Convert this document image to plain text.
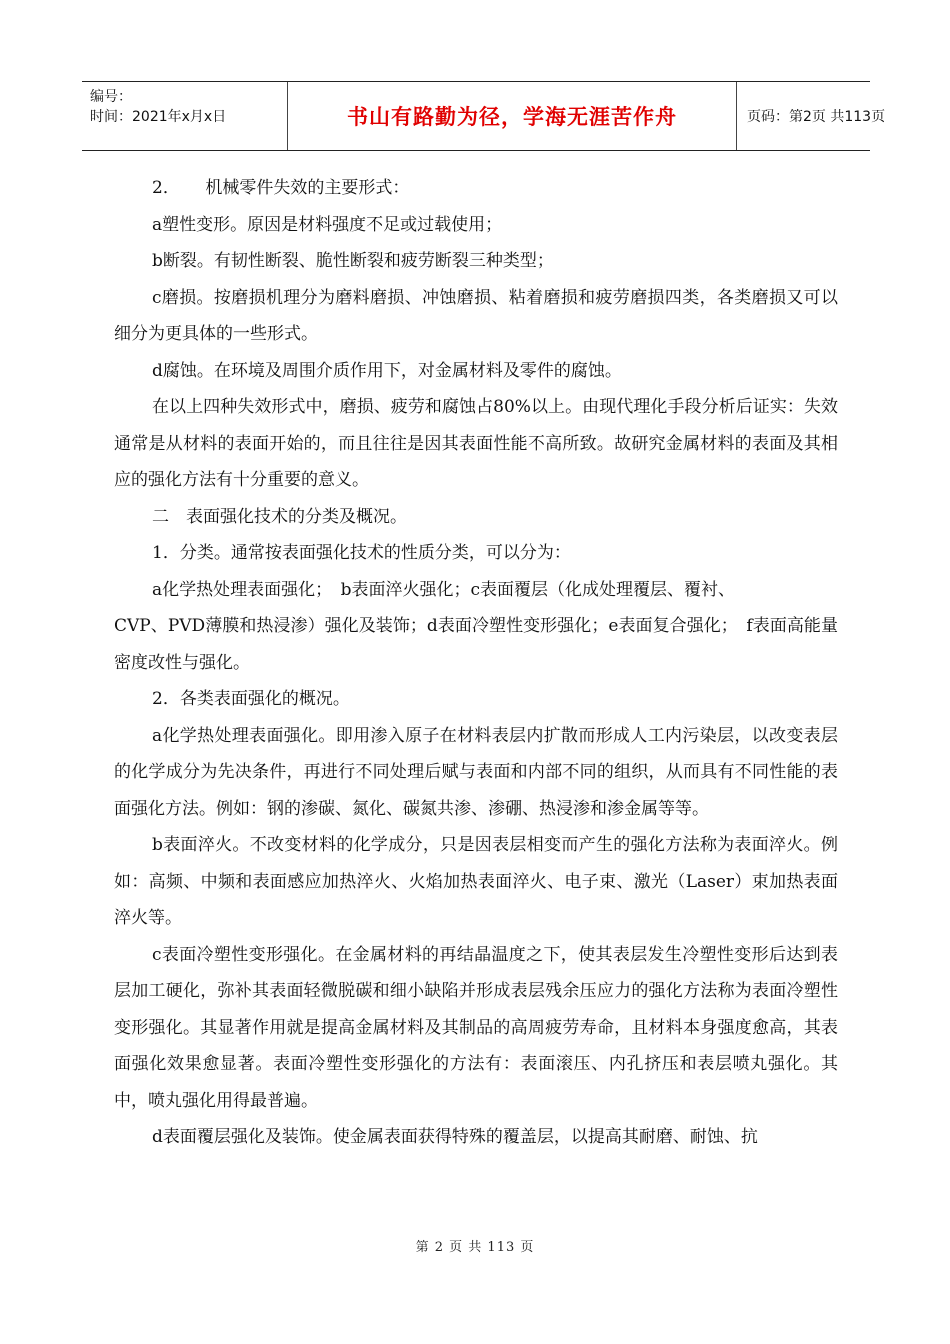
编号：
时间：2021年x月x日	书山有路勤为径，学海无涯苦作舟	页码：第2页 共113页

2．　　机械零件失效的主要形式：

a塑性变形。原因是材料强度不足或过载使用；

b断裂。有韧性断裂、脆性断裂和疲劳断裂三种类型；

c磨损。按磨损机理分为磨料磨损、冲蚀磨损、粘着磨损和疲劳磨损四类，各类磨损又可以细分为更具体的一些形式。

d腐蚀。在环境及周围介质作用下，对金属材料及零件的腐蚀。

在以上四种失效形式中，磨损、疲劳和腐蚀占80%以上。由现代理化手段分析后证实：失效通常是从材料的表面开始的，而且往往是因其表面性能不高所致。故研究金属材料的表面及其相应的强化方法有十分重要的意义。

二　表面强化技术的分类及概况。

1．分类。通常按表面强化技术的性质分类，可以分为：

a化学热处理表面强化；　b表面淬火强化；c表面覆层（化成处理覆层、覆衬、

CVP、PVD薄膜和热浸渗）强化及装饰；d表面冷塑性变形强化；e表面复合强化；　f表面高能量密度改性与强化。

2．各类表面强化的概况。

a化学热处理表面强化。即用渗入原子在材料表层内扩散而形成人工内污染层，以改变表层的化学成分为先决条件，再进行不同处理后赋与表面和内部不同的组织，从而具有不同性能的表面强化方法。例如：钢的渗碳、氮化、碳氮共渗、渗硼、热浸渗和渗金属等等。

b表面淬火。不改变材料的化学成分，只是因表层相变而产生的强化方法称为表面淬火。例如：高频、中频和表面感应加热淬火、火焰加热表面淬火、电子束、激光（Laser）束加热表面淬火等。

c表面冷塑性变形强化。在金属材料的再结晶温度之下，使其表层发生冷塑性变形后达到表层加工硬化，弥补其表面轻微脱碳和细小缺陷并形成表层残余压应力的强化方法称为表面冷塑性变形强化。其显著作用就是提高金属材料及其制品的高周疲劳寿命，且材料本身强度愈高，其表面强化效果愈显著。表面冷塑性变形强化的方法有：表面滚压、内孔挤压和表层喷丸强化。其中，喷丸强化用得最普遍。

d表面覆层强化及装饰。使金属表面获得特殊的覆盖层，以提高其耐磨、耐蚀、抗

第 2 页 共 113 页
